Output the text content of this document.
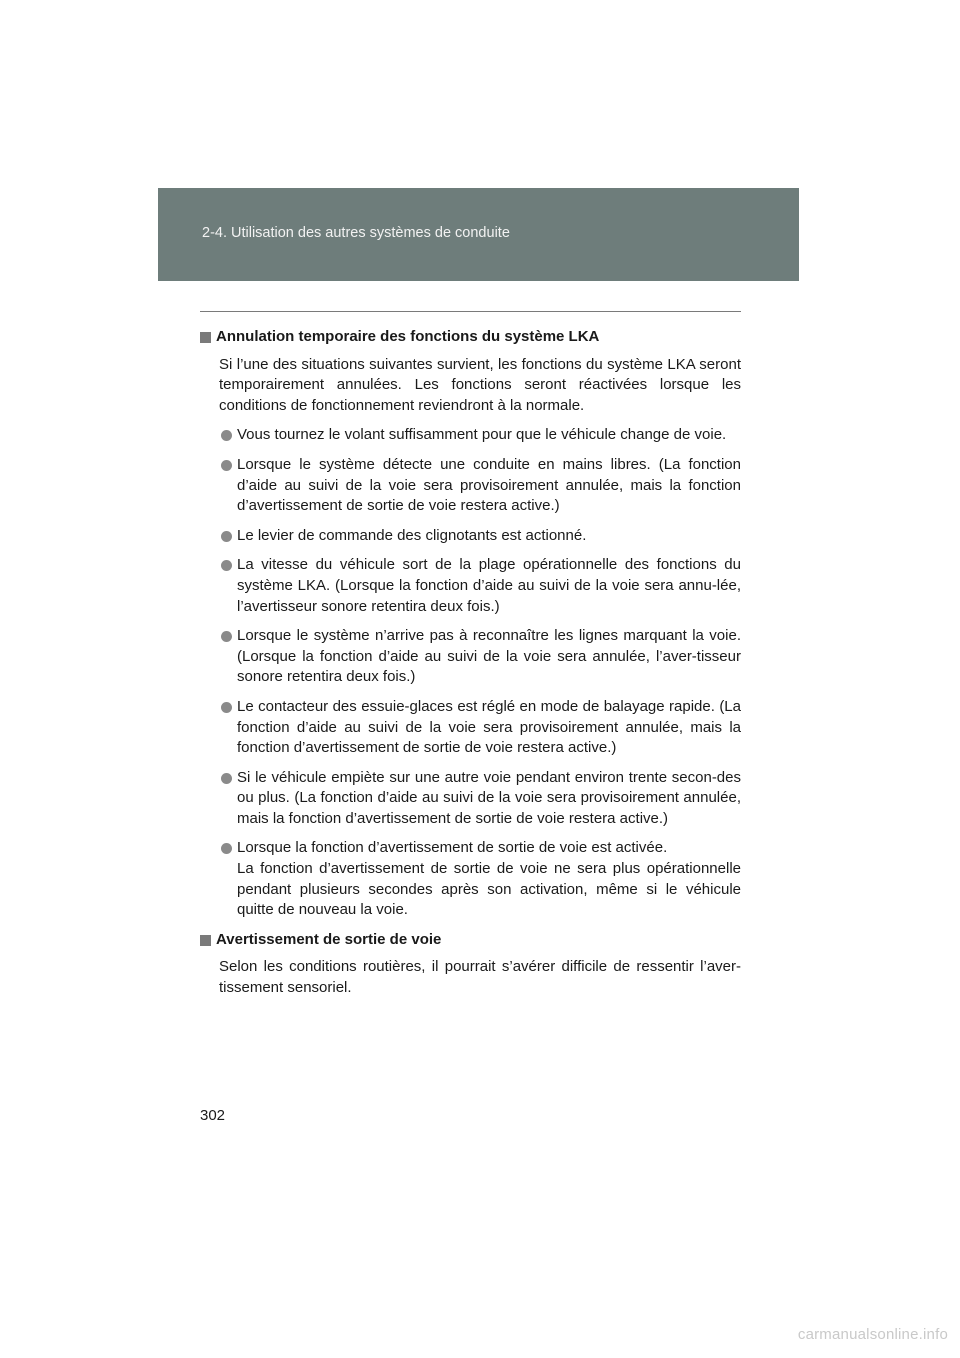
2-4. Utilisation des autres systèmes de conduite
Annulation temporaire des fonctions du système LKA
Si l’une des situations suivantes survient, les fonctions du système LKA seront temporairement annulées. Les fonctions seront réactivées lorsque les conditions de fonctionnement reviendront à la normale.
Vous tournez le volant suffisamment pour que le véhicule change de voie.
Lorsque le système détecte une conduite en mains libres. (La fonction d’aide au suivi de la voie sera provisoirement annulée, mais la fonction d’avertissement de sortie de voie restera active.)
Le levier de commande des clignotants est actionné.
La vitesse du véhicule sort de la plage opérationnelle des fonctions du système LKA. (Lorsque la fonction d’aide au suivi de la voie sera annu-lée, l’avertisseur sonore retentira deux fois.)
Lorsque le système n’arrive pas à reconnaître les lignes marquant la voie. (Lorsque la fonction d’aide au suivi de la voie sera annulée, l’aver-tisseur sonore retentira deux fois.)
Le contacteur des essuie-glaces est réglé en mode de balayage rapide. (La fonction d’aide au suivi de la voie sera provisoirement annulée, mais la fonction d’avertissement de sortie de voie restera active.)
Si le véhicule empiète sur une autre voie pendant environ trente secon-des ou plus. (La fonction d’aide au suivi de la voie sera provisoirement annulée, mais la fonction d’avertissement de sortie de voie restera active.)
Lorsque la fonction d’avertissement de sortie de voie est activée.
La fonction d’avertissement de sortie de voie ne sera plus opérationnelle pendant plusieurs secondes après son activation, même si le véhicule quitte de nouveau la voie.
Avertissement de sortie de voie
Selon les conditions routières, il pourrait s’avérer difficile de ressentir l’aver-tissement sensoriel.
302
carmanualsonline.info
